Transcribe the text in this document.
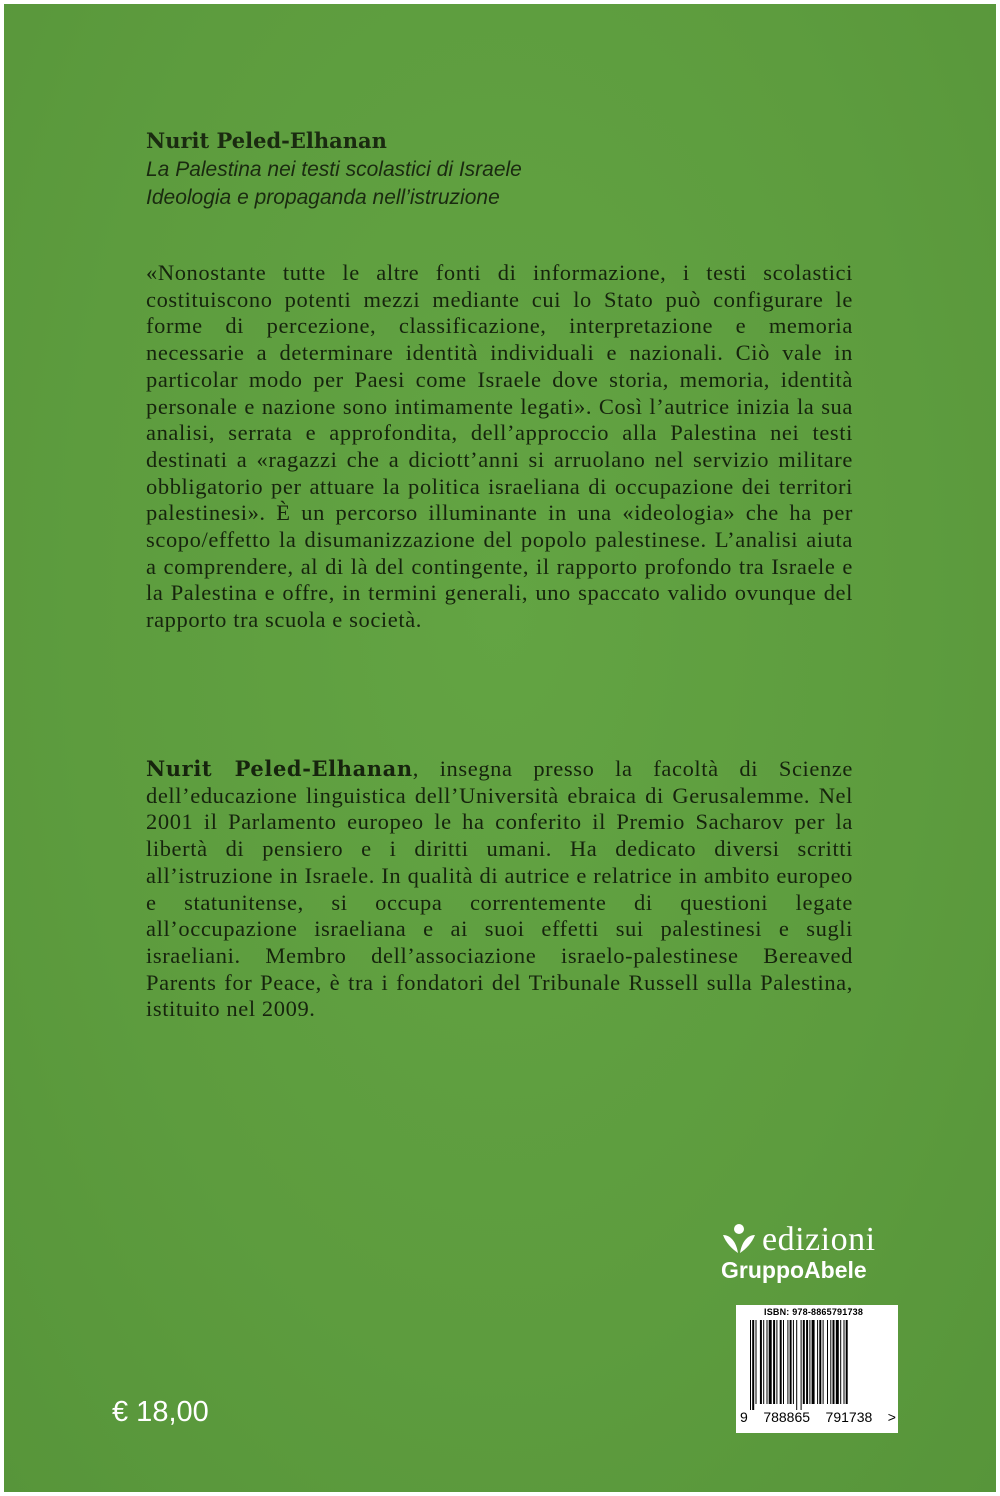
Nurit Peled-Elhanan
La Palestina nei testi scolastici di Israele
Ideologia e propaganda nell’istruzione
«Nonostante tutte le altre fonti di informazione, i testi scolastici costituiscono potenti mezzi mediante cui lo Stato può configurare le forme di percezione, classificazione, interpretazione e memoria necessarie a determinare identità individuali e nazionali. Ciò vale in particolar modo per Paesi come Israele dove storia, memoria, identità personale e nazione sono intimamente legati». Così l’autrice inizia la sua analisi, serrata e approfondita, dell’approccio alla Palestina nei testi destinati a «ragazzi che a diciott’anni si arruolano nel servizio militare obbligatorio per attuare la politica israeliana di occupazione dei territori palestinesi». È un percorso illuminante in una «ideologia» che ha per scopo/effetto la disumanizzazione del popolo palestinese. L’analisi aiuta a comprendere, al di là del contingente, il rapporto profondo tra Israele e la Palestina e offre, in termini generali, uno spaccato valido ovunque del rapporto tra scuola e società.
Nurit Peled-Elhanan, insegna presso la facoltà di Scienze dell’educazione linguistica dell’Università ebraica di Gerusalemme. Nel 2001 il Parlamento europeo le ha conferito il Premio Sacharov per la libertà di pensiero e i diritti umani. Ha dedicato diversi scritti all’istruzione in Israele. In qualità di autrice e relatrice in ambito europeo e statunitense, si occupa correntemente di questioni legate all’occupazione israeliana e ai suoi effetti sui palestinesi e sugli israeliani. Membro dell’associazione israelo-palestinese Bereaved Parents for Peace, è tra i fondatori del Tribunale Russell sulla Palestina, istituito nel 2009.
edizioni
GruppoAbele
ISBN: 978-8865791738
9 788865 791738 >
€ 18,00
